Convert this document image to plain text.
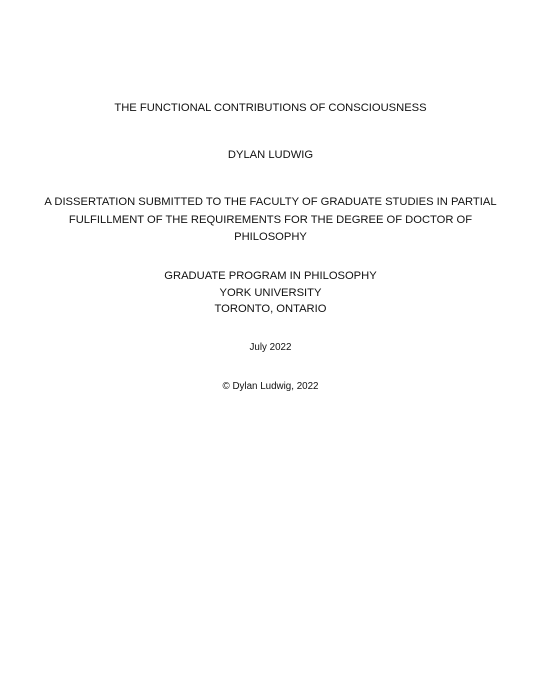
THE FUNCTIONAL CONTRIBUTIONS OF CONSCIOUSNESS
DYLAN LUDWIG
A DISSERTATION SUBMITTED TO THE FACULTY OF GRADUATE STUDIES IN PARTIAL
FULFILLMENT OF THE REQUIREMENTS FOR THE DEGREE OF DOCTOR OF
PHILOSOPHY
GRADUATE PROGRAM IN PHILOSOPHY
YORK UNIVERSITY
TORONTO, ONTARIO
July 2022
© Dylan Ludwig, 2022
